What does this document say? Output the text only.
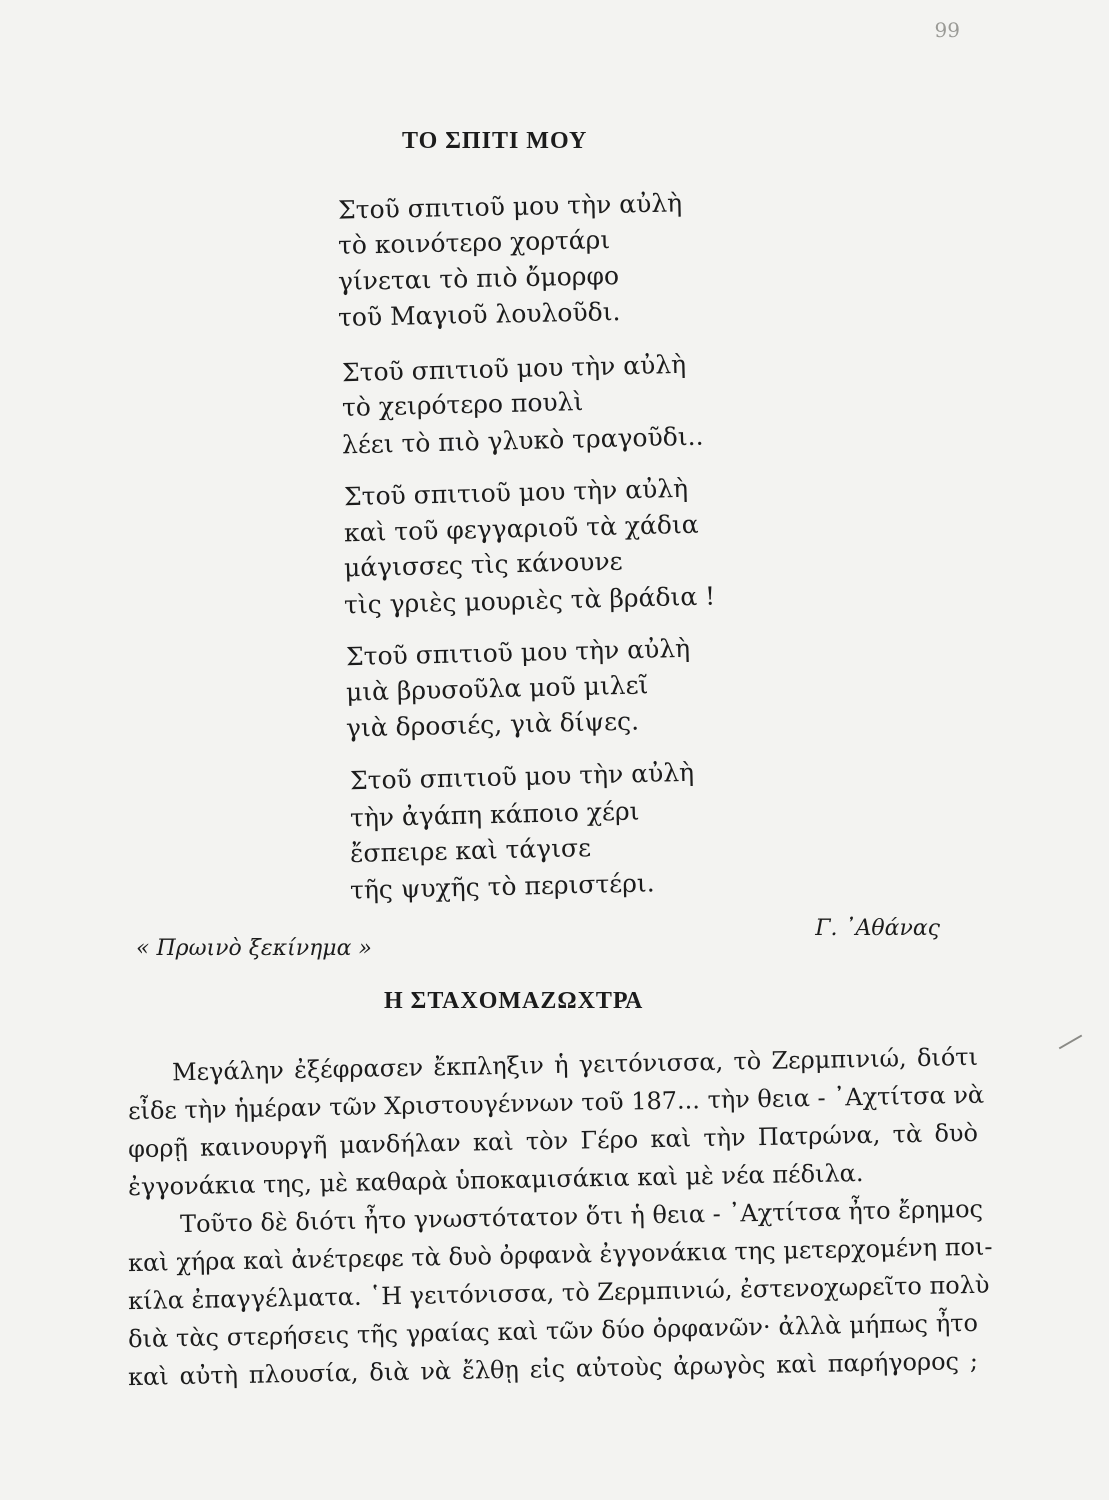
99
ΤΟ ΣΠΙΤΙ ΜΟΥ
Στοῦ σπιτιοῦ μου τὴν αὐλὴ
τὸ κοινότερο χορτάρι
γίνεται τὸ πιὸ ὄμορφο
τοῦ Μαγιοῦ λουλοῦδι.
Στοῦ σπιτιοῦ μου τὴν αὐλὴ
τὸ χειρότερο πουλὶ
λέει τὸ πιὸ γλυκὸ τραγοῦδι..
Στοῦ σπιτιοῦ μου τὴν αὐλὴ
καὶ τοῦ φεγγαριοῦ τὰ χάδια
μάγισσες τὶς κάνουνε
τὶς γριὲς μουριὲς τὰ βράδια !
Στοῦ σπιτιοῦ μου τὴν αὐλὴ
μιὰ βρυσοῦλα μοῦ μιλεῖ
γιὰ δροσιές, γιὰ δίψες.
Στοῦ σπιτιοῦ μου τὴν αὐλὴ
τὴν ἀγάπη κάποιο χέρι
ἔσπειρε καὶ τάγισε
τῆς ψυχῆς τὸ περιστέρι.
Γ. ᾿Αθάνας
« Πρωινὸ ξεκίνημα »
Η ΣΤΑΧΟΜΑΖΩΧΤΡΑ
Μεγάλην ἐξέφρασεν ἔκπληξιν ἡ γειτόνισσα, τὸ Ζερμπινιώ, διότι
εἶδε τὴν ἡμέραν τῶν Χριστουγέννων τοῦ 187... τὴν θεια - ᾿Αχτίτσα νὰ
φορῇ καινουργῆ μανδήλαν καὶ τὸν Γέρο καὶ τὴν Πατρώνα, τὰ δυὸ
ἐγγονάκια της, μὲ καθαρὰ ὑποκαμισάκια καὶ μὲ νέα πέδιλα.
Τοῦτο δὲ διότι ἦτο γνωστότατον ὅτι ἡ θεια - ᾿Αχτίτσα ἦτο ἔρημος
καὶ χήρα καὶ ἀνέτρεφε τὰ δυὸ ὀρφανὰ ἐγγονάκια της μετερχομένη ποι-
κίλα ἐπαγγέλματα. ῾Η γειτόνισσα, τὸ Ζερμπινιώ, ἐστενοχωρεῖτο πολὺ
διὰ τὰς στερήσεις τῆς γραίας καὶ τῶν δύο ὀρφανῶν· ἀλλὰ μήπως ἦτο
καὶ αὐτὴ πλουσία, διὰ νὰ ἔλθῃ εἰς αὐτοὺς ἀρωγὸς καὶ παρήγορος ;
